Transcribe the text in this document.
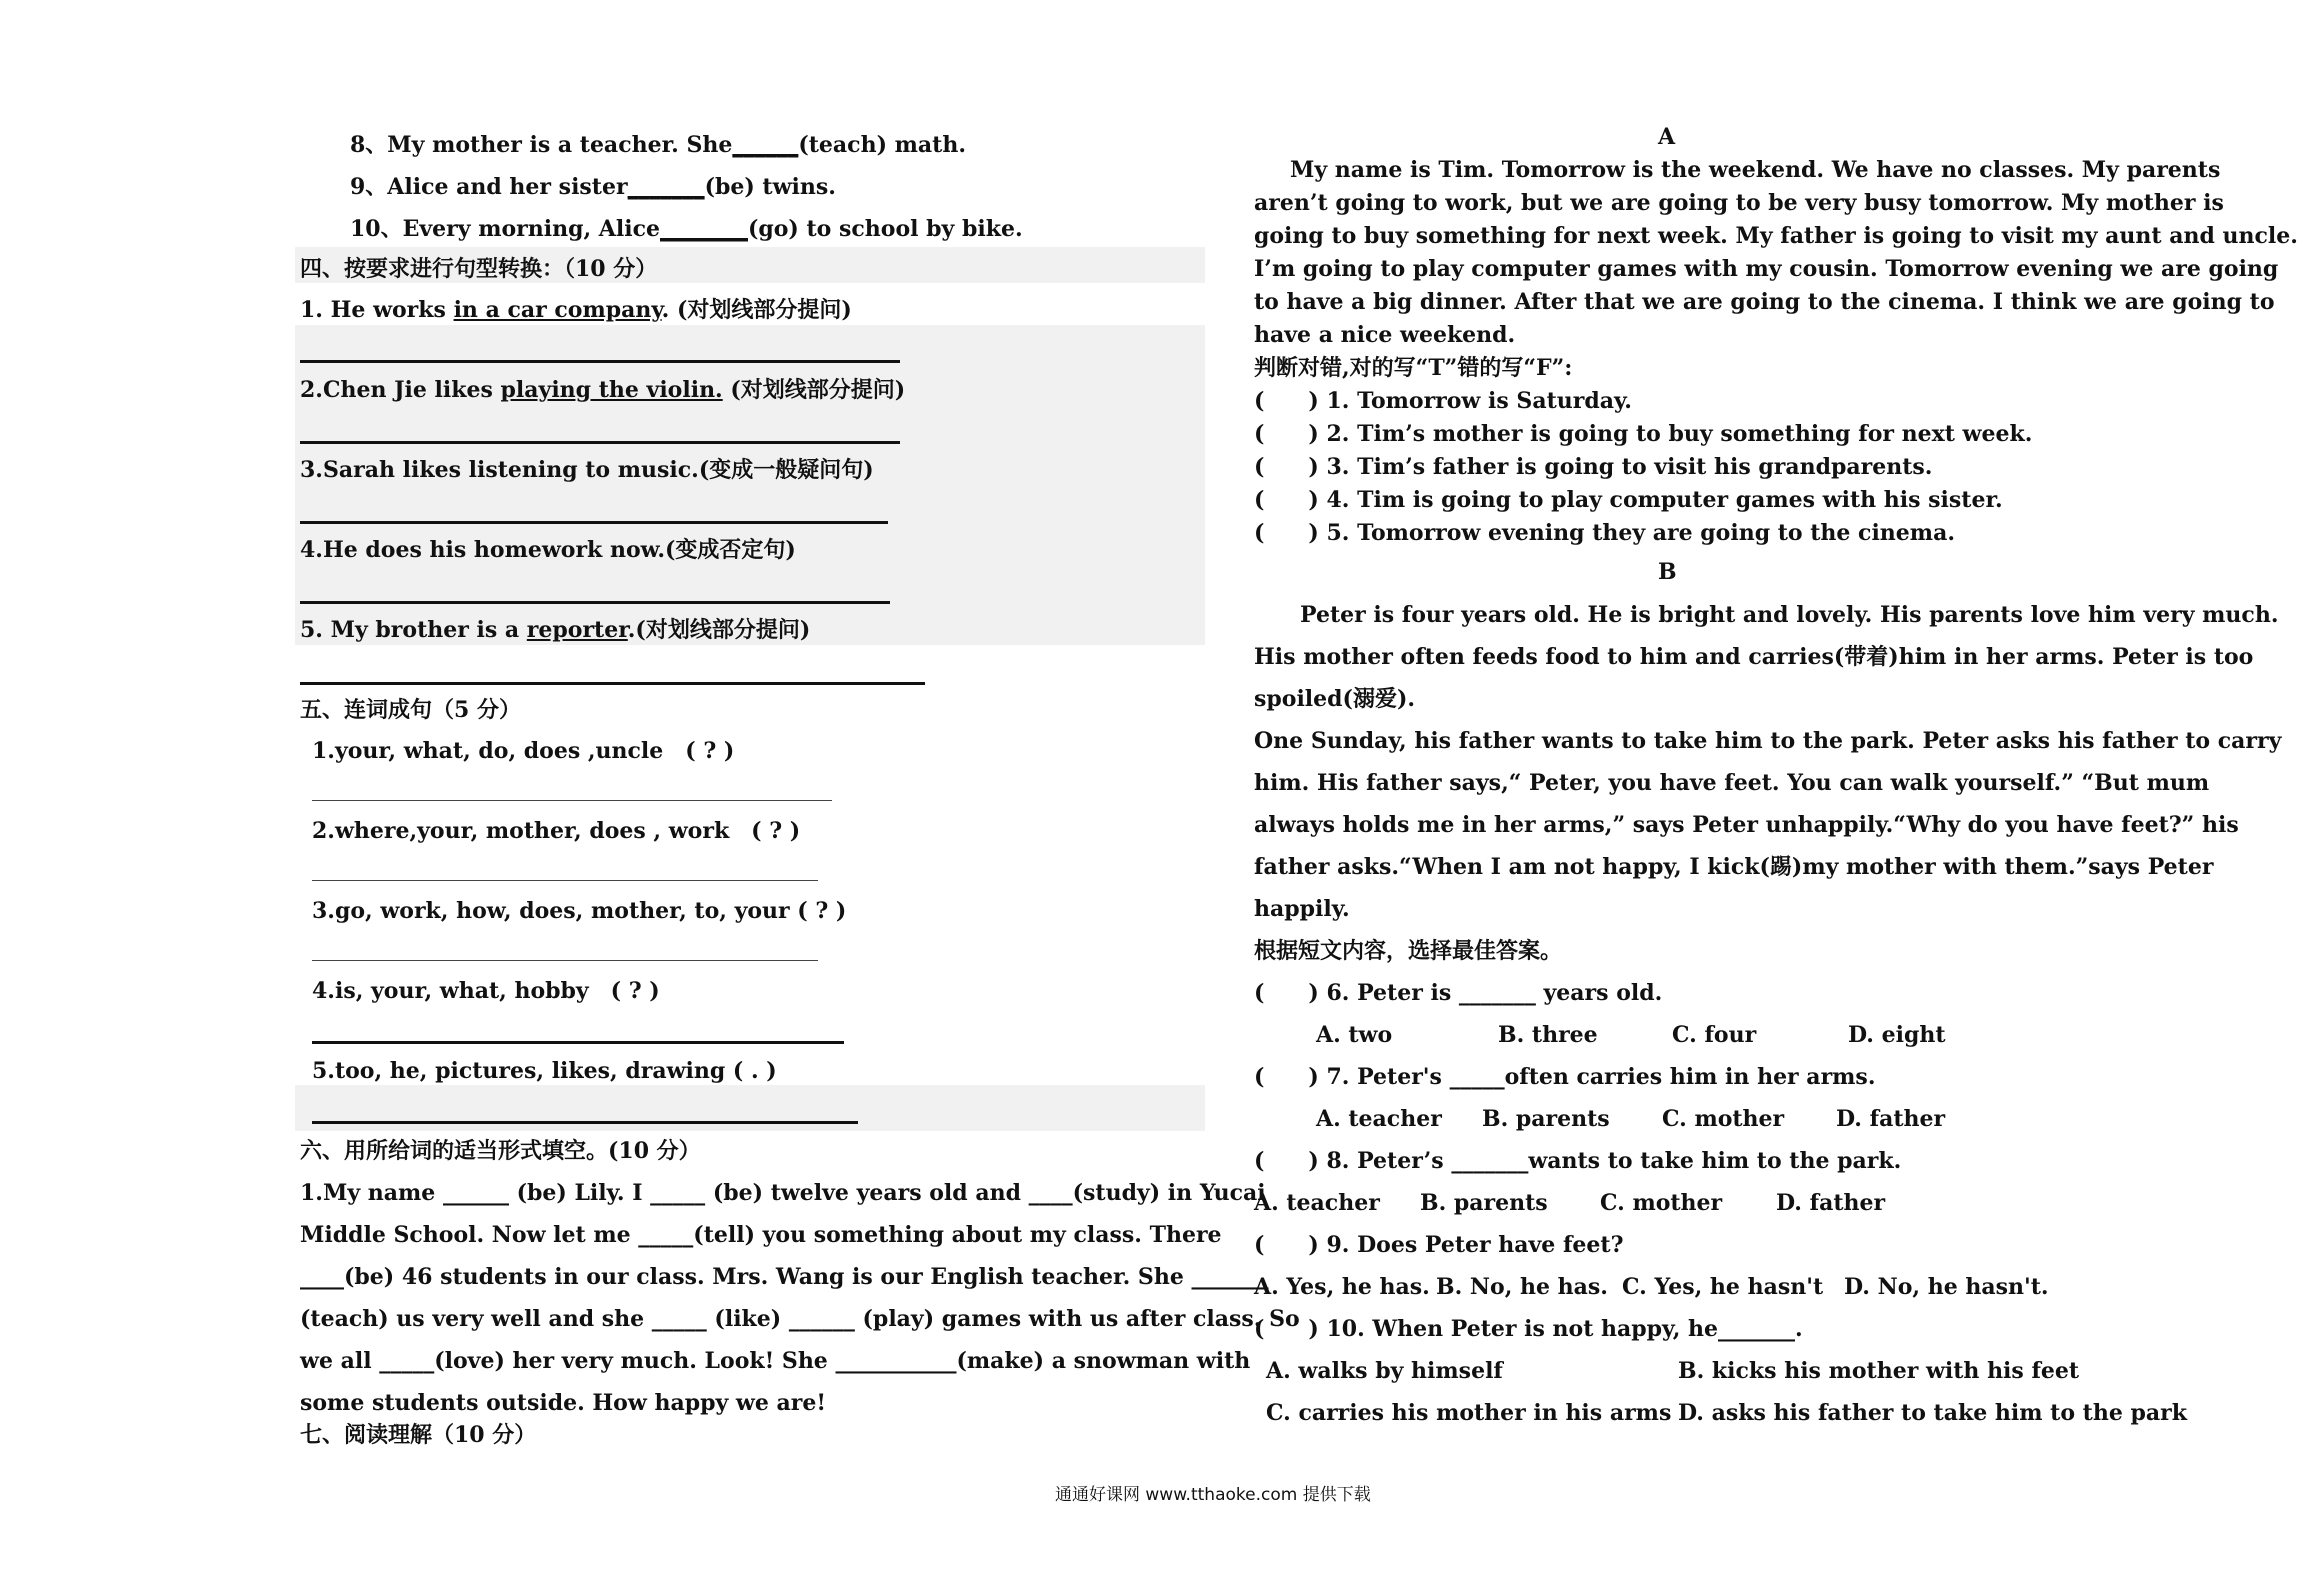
8、My mother is a teacher. She______(teach) math.
9、Alice and her sister_______(be) twins.
10、Every morning, Alice________(go) to school by bike.
四、按要求进行句型转换：（10 分）
1. He works in a car company. (对划线部分提问)
2.Chen Jie likes playing the violin. (对划线部分提问)
3.Sarah likes listening to music.(变成一般疑问句)
4.He does his homework now.(变成否定句)
5. My brother is a reporter.(对划线部分提问)
五、连词成句（5 分）
1.your, what, do, does ,uncle　( ? )
2.where,your, mother, does , work　( ? )
3.go, work, how, does, mother, to, your ( ? )
4.is, your, what, hobby　( ? )
5.too, he, pictures, likes, drawing ( . )
六、用所给词的适当形式填空。(10 分）
1.My name ______ (be) Lily. I _____ (be) twelve years old and ____(study) in Yucai
Middle School. Now let me _____(tell) you something about my class. There
____(be) 46 students in our class. Mrs. Wang is our English teacher. She _______
(teach) us very well and she _____ (like) ______ (play) games with us after class. So
we all _____(love) her very much. Look! She ___________(make) a snowman with
some students outside. How happy we are!
七、阅读理解（10 分）
A
My name is Tim. Tomorrow is the weekend. We have no classes. My parents
aren’t going to work, but we are going to be very busy tomorrow. My mother is
going to buy something for next week. My father is going to visit my aunt and uncle.
I’m going to play computer games with my cousin. Tomorrow evening we are going
to have a big dinner. After that we are going to the cinema. I think we are going to
have a nice weekend.
判断对错,对的写“T”错的写“F”:
(　　) 1. Tomorrow is Saturday.
(　　) 2. Tim’s mother is going to buy something for next week.
(　　) 3. Tim’s father is going to visit his grandparents.
(　　) 4. Tim is going to play computer games with his sister.
(　　) 5. Tomorrow evening they are going to the cinema.
B
Peter is four years old. He is bright and lovely. His parents love him very much.
His mother often feeds food to him and carries(带着)him in her arms. Peter is too
spoiled(溺爱).
One Sunday, his father wants to take him to the park. Peter asks his father to carry
him. His father says,“ Peter, you have feet. You can walk yourself.” “But mum
always holds me in her arms,” says Peter unhappily.“Why do you have feet?” his
father asks.“When I am not happy, I kick(踢)my mother with them.”says Peter
happily.
根据短文内容，选择最佳答案。
(　　) 6. Peter is _______ years old.
A. two	B. three	C. four	D. eight
(　　) 7. Peter's _____often carries him in her arms.
A. teacher B. parents C. mother D. father
(　　) 8. Peter’s _______wants to take him to the park.
A. teacher B. parents C. mother D. father
(　　) 9. Does Peter have feet?
A. Yes, he has. B. No, he has. C. Yes, he hasn't D. No, he hasn't.
(　　) 10. When Peter is not happy, he_______.
A. walks by himself	B. kicks his mother with his feet
C. carries his mother in his arms D. asks his father to take him to the park
通通好课网 www.tthaoke.com 提供下载
